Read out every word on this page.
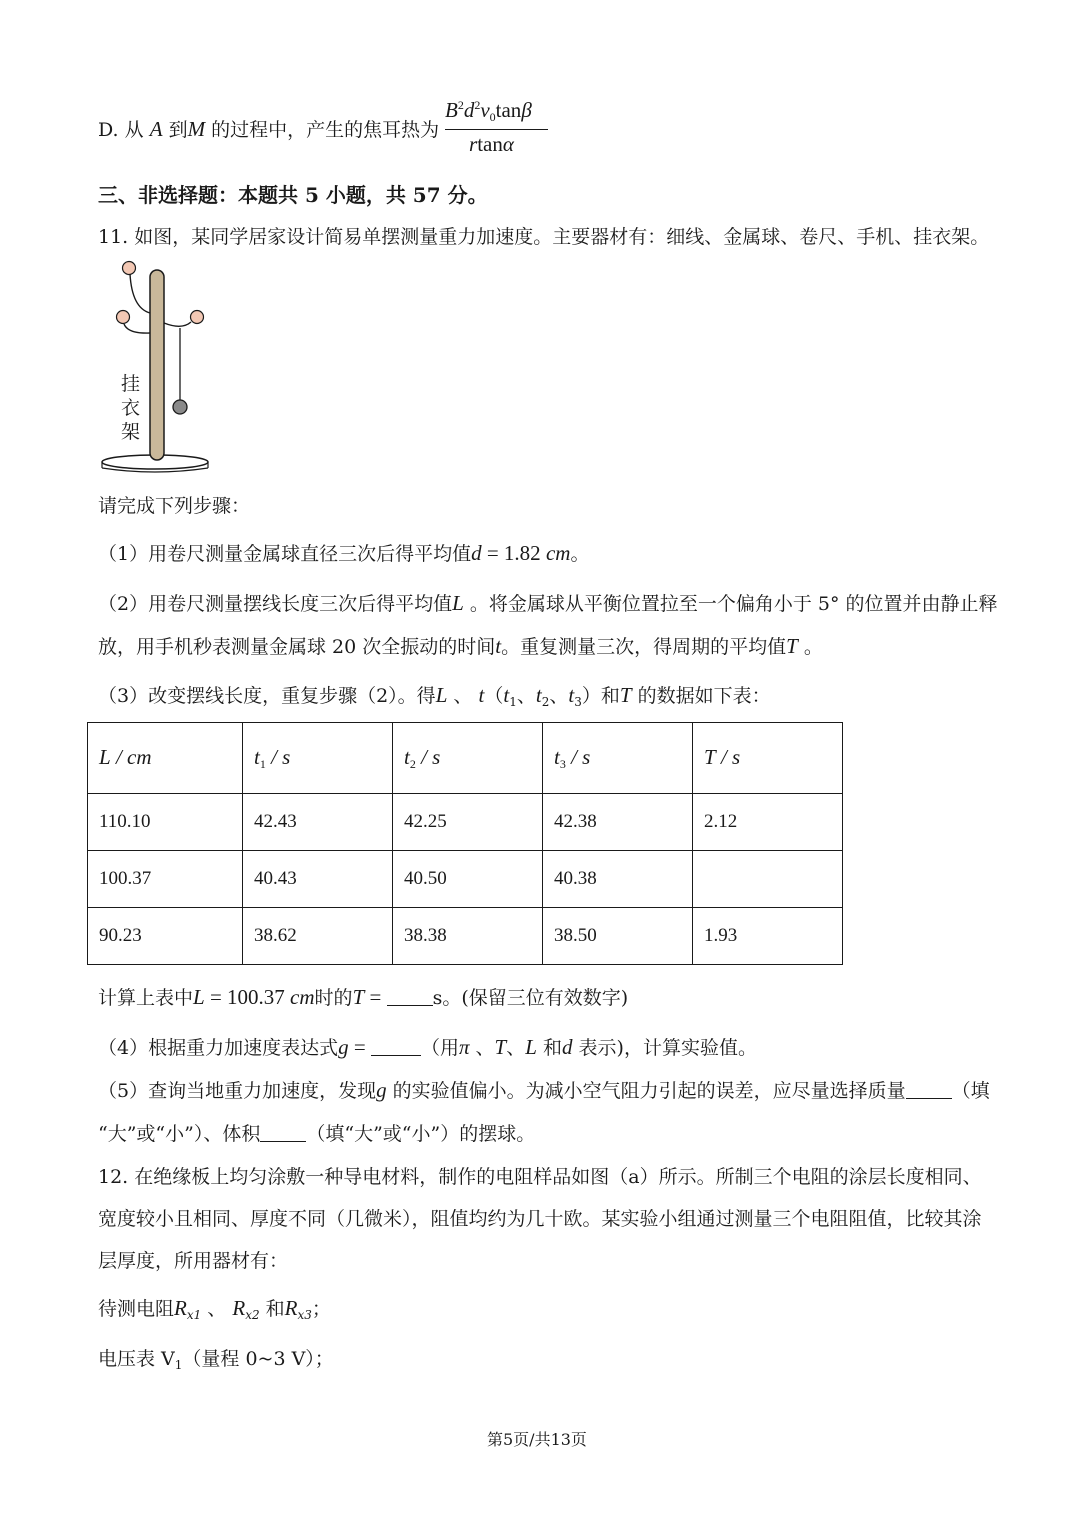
D. 从 A 到M 的过程中，产生的焦耳热为
$B^2d^2v_0\tan\beta$
rtanα
三、非选择题：本题共 5 小题，共 57 分。
11. 如图，某同学居家设计简易单摆测量重力加速度。主要器材有：细线、金属球、卷尺、手机、挂衣架。
挂
衣
架
请完成下列步骤：
（1）用卷尺测量金属球直径三次后得平均值d = 1.82 cm。
（2）用卷尺测量摆线长度三次后得平均值L 。将金属球从平衡位置拉至一个偏角小于 5° 的位置并由静止释
放，用手机秒表测量金属球 20 次全振动的时间t。重复测量三次，得周期的平均值T 。
（3）改变摆线长度，重复步骤（2）。得L 、 $t(t_1$、$t_2$、$t_3$）和T 的数据如下表：
L / cm	$t_1$ / s	$t_2$ / s	$t_3$ / s	T / s
110.10	42.43	42.25	42.38	2.12
100.37	40.43	40.50	40.38	
90.23	38.62	38.38	38.50	1.93
计算上表中L = 100.37 cm时的T = s。(保留三位有效数字)
（4）根据重力加速度表达式g =	（用π 、T、L 和d 表示)，计算实验值。
（5）查询当地重力加速度，发现g 的实验值偏小。为减小空气阻力引起的误差，应尽量选择质量 （填
“大”或“小”）、体积 （填“大”或“小”）的摆球。
12. 在绝缘板上均匀涂敷一种导电材料，制作的电阻样品如图（a）所示。所制三个电阻的涂层长度相同、
宽度较小且相同、厚度不同（几微米），阻值均约为几十欧。某实验小组通过测量三个电阻阻值，比较其涂
层厚度，所用器材有：
待测电阻$R_{x1}$ 、 $R_{x2}$ 和$R_{x3}$；
电压表 $V_1$（量程 0~3 V）；
第5页/共13页
